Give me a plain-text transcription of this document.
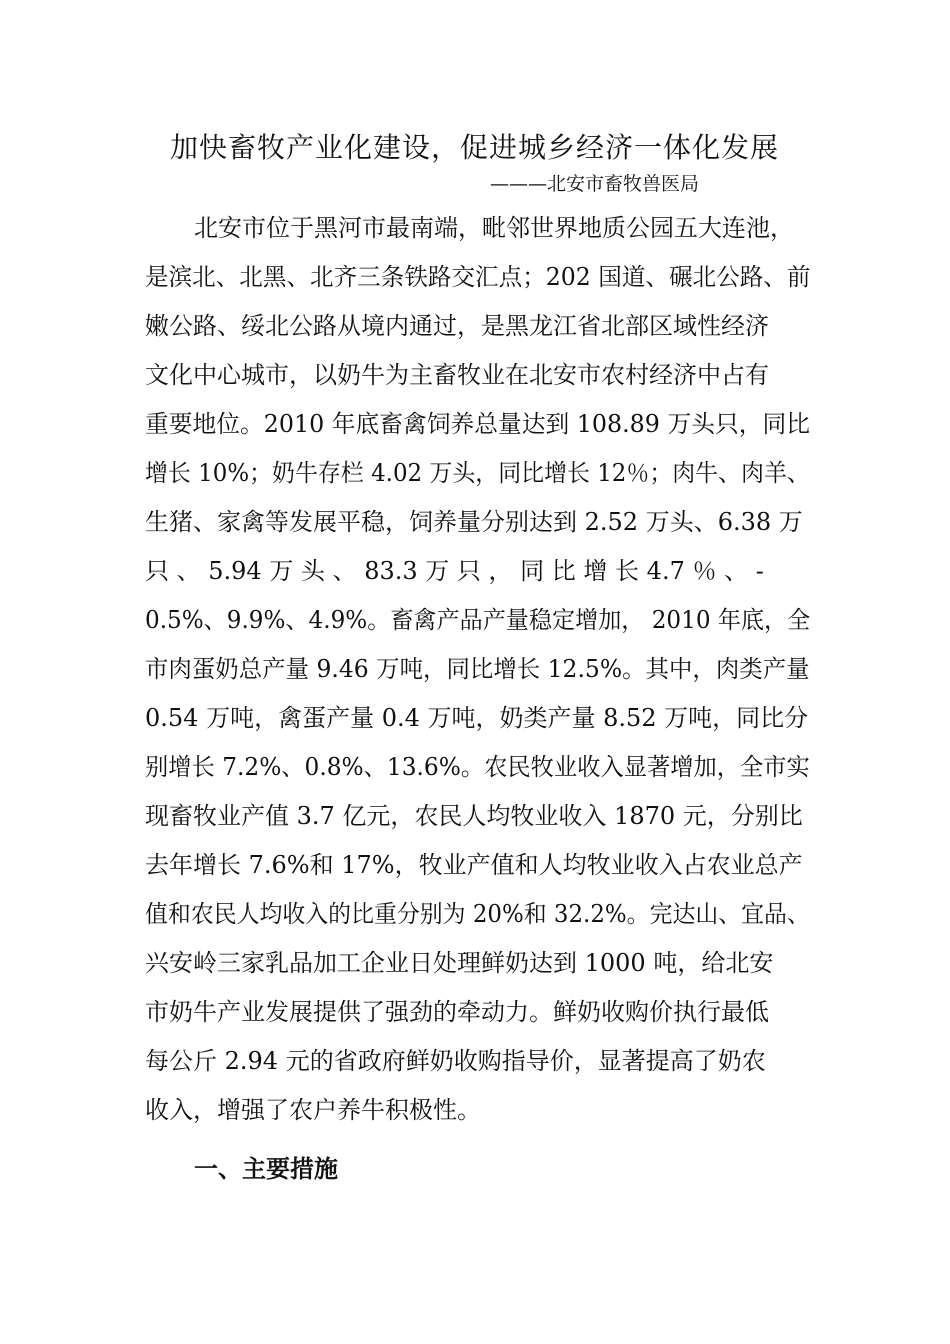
加快畜牧产业化建设，促进城乡经济一体化发展
———北安市畜牧兽医局
北安市位于黑河市最南端，毗邻世界地质公园五大连池，
是滨北、北黑、北齐三条铁路交汇点；202 国道、碾北公路、前
嫩公路、绥北公路从境内通过，是黑龙江省北部区域性经济
文化中心城市，以奶牛为主畜牧业在北安市农村经济中占有
重要地位。2010 年底畜禽饲养总量达到 108.89 万头只，同比
增长 10%；奶牛存栏 4.02 万头，同比增长 12％；肉牛、肉羊、
生猪、家禽等发展平稳，饲养量分别达到 2.52 万头、6.38 万
只 、 5.94 万 头 、 83.3 万 只 ， 同 比 增 长 4.7 ％ 、 -
0.5%、9.9%、4.9%。畜禽产品产量稳定增加， 2010 年底，全
市肉蛋奶总产量 9.46 万吨，同比增长 12.5%。其中，肉类产量
0.54 万吨，禽蛋产量 0.4 万吨，奶类产量 8.52 万吨，同比分
别增长 7.2%、0.8%、13.6%。农民牧业收入显著增加，全市实
现畜牧业产值 3.7 亿元，农民人均牧业收入 1870 元，分别比
去年增长 7.6%和 17%，牧业产值和人均牧业收入占农业总产
值和农民人均收入的比重分别为 20%和 32.2%。完达山、宜品、
兴安岭三家乳品加工企业日处理鲜奶达到 1000 吨，给北安
市奶牛产业发展提供了强劲的牵动力。鲜奶收购价执行最低
每公斤 2.94 元的省政府鲜奶收购指导价，显著提高了奶农
收入，增强了农户养牛积极性。
一、主要措施
